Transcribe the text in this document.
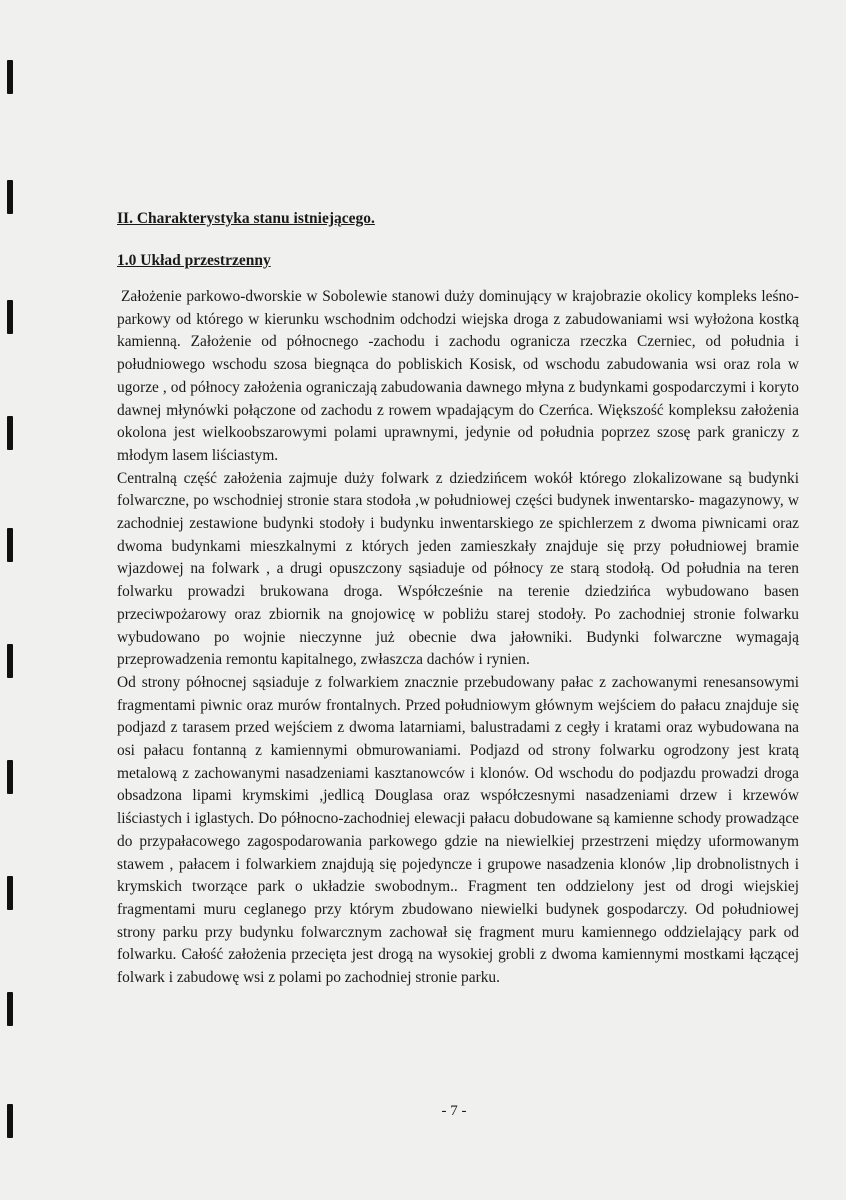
II. Charakterystyka stanu istniejącego.
1.0 Układ przestrzenny

Założenie parkowo-dworskie w Sobolewie stanowi duży dominujący w krajobrazie okolicy kompleks leśno-parkowy od którego w kierunku wschodnim odchodzi wiejska droga z zabudowaniami wsi wyłożona kostką kamienną. Założenie od północnego -zachodu i zachodu ogranicza rzeczka Czerniec, od południa i południowego wschodu szosa biegnąca do pobliskich Kosisk, od wschodu zabudowania wsi oraz rola w ugorze , od północy założenia ograniczają zabudowania dawnego młyna z budynkami gospodarczymi i koryto dawnej młynówki połączone od zachodu z rowem wpadającym do Czerńca. Większość kompleksu założenia okolona jest wielkoobszarowymi polami uprawnymi, jedynie od południa poprzez szosę park graniczy z młodym lasem liściastym.

Centralną część założenia zajmuje duży folwark z dziedzińcem wokół którego zlokalizowane są budynki folwarczne, po wschodniej stronie stara stodoła ,w południowej części budynek inwentarsko- magazynowy, w zachodniej zestawione budynki stodoły i budynku inwentarskiego ze spichlerzem z dwoma piwnicami oraz dwoma budynkami mieszkalnymi z których jeden zamieszkały znajduje się przy południowej bramie wjazdowej na folwark , a drugi opuszczony sąsiaduje od północy ze starą stodołą. Od południa na teren folwarku prowadzi brukowana droga. Współcześnie na terenie dziedzińca wybudowano basen przeciwpożarowy oraz zbiornik na gnojowicę w pobliżu starej stodoły. Po zachodniej stronie folwarku wybudowano po wojnie nieczynne już obecnie dwa jałowniki. Budynki folwarczne wymagają przeprowadzenia remontu kapitalnego, zwłaszcza dachów i rynien.

Od strony północnej sąsiaduje z folwarkiem znacznie przebudowany pałac z zachowanymi renesansowymi fragmentami piwnic oraz murów frontalnych. Przed południowym głównym wejściem do pałacu znajduje się podjazd z tarasem przed wejściem z dwoma latarniami, balustradami z cegły i kratami oraz wybudowana na osi pałacu fontanną z kamiennymi obmurowaniami. Podjazd od strony folwarku ogrodzony jest kratą metalową z zachowanymi nasadzeniami kasztanowców i klonów. Od wschodu do podjazdu prowadzi droga obsadzona lipami krymskimi ,jedlicą Douglasa oraz współczesnymi nasadzeniami drzew i krzewów liściastych i iglastych. Do północno-zachodniej elewacji pałacu dobudowane są kamienne schody prowadzące do przypałacowego zagospodarowania parkowego gdzie na niewielkiej przestrzeni między uformowanym stawem , pałacem i folwarkiem znajdują się pojedyncze i grupowe nasadzenia klonów ,lip drobnolistnych i krymskich tworzące park o układzie swobodnym.. Fragment ten oddzielony jest od drogi wiejskiej fragmentami muru ceglanego przy którym zbudowano niewielki budynek gospodarczy. Od południowej strony parku przy budynku folwarcznym zachował się fragment muru kamiennego oddzielający park od folwarku. Całość założenia przecięta jest drogą na wysokiej grobli z dwoma kamiennymi mostkami łączącej folwark i zabudowę wsi z polami po zachodniej stronie parku.

- 7 -
